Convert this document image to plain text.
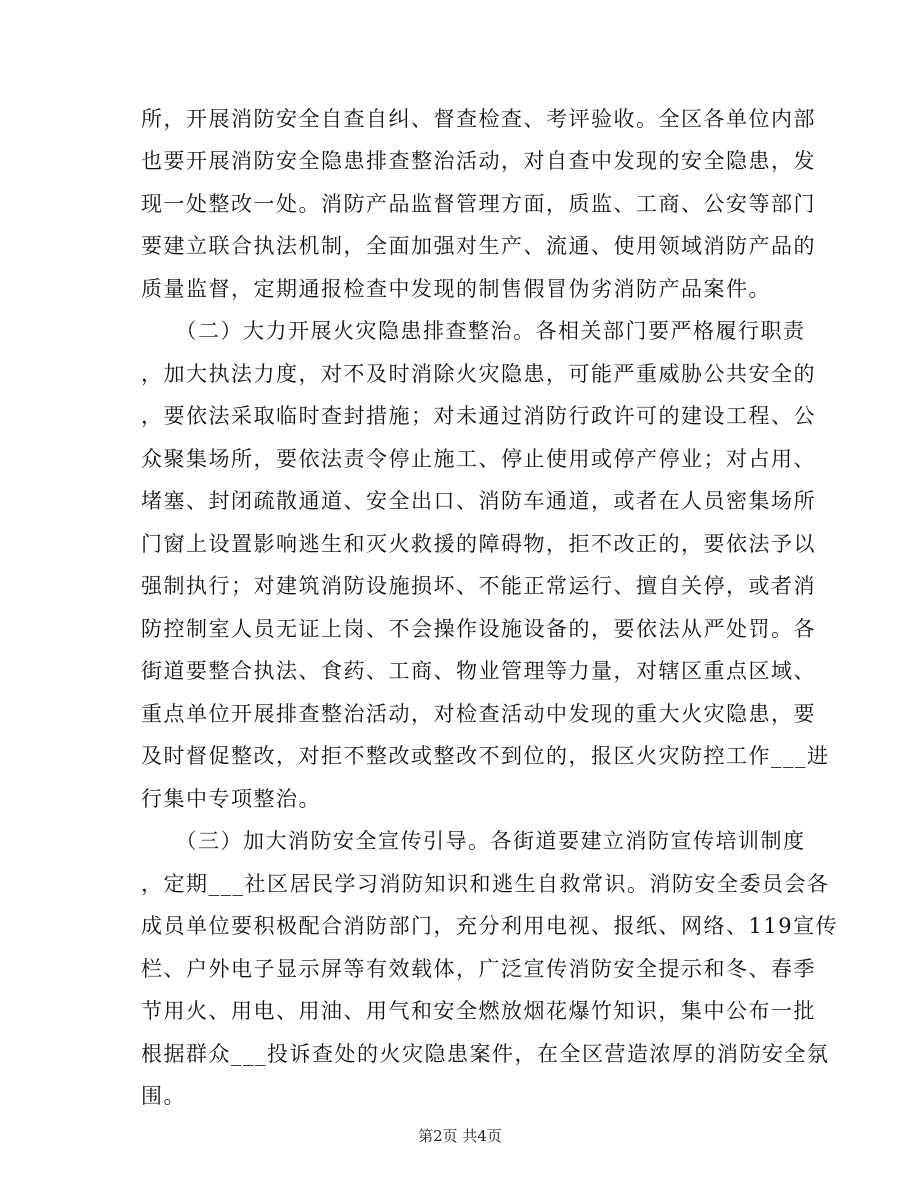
所，开展消防安全自查自纠、督查检查、考评验收。全区各单位内部
也要开展消防安全隐患排查整治活动，对自查中发现的安全隐患，发
现一处整改一处。消防产品监督管理方面，质监、工商、公安等部门
要建立联合执法机制，全面加强对生产、流通、使用领域消防产品的
质量监督，定期通报检查中发现的制售假冒伪劣消防产品案件。
　　（二）大力开展火灾隐患排查整治。各相关部门要严格履行职责
，加大执法力度，对不及时消除火灾隐患，可能严重威胁公共安全的
，要依法采取临时查封措施；对未通过消防行政许可的建设工程、公
众聚集场所，要依法责令停止施工、停止使用或停产停业；对占用、
堵塞、封闭疏散通道、安全出口、消防车通道，或者在人员密集场所
门窗上设置影响逃生和灭火救援的障碍物，拒不改正的，要依法予以
强制执行；对建筑消防设施损坏、不能正常运行、擅自关停，或者消
防控制室人员无证上岗、不会操作设施设备的，要依法从严处罚。各
街道要整合执法、食药、工商、物业管理等力量，对辖区重点区域、
重点单位开展排查整治活动，对检查活动中发现的重大火灾隐患，要
及时督促整改，对拒不整改或整改不到位的，报区火灾防控工作___进
行集中专项整治。
　　（三）加大消防安全宣传引导。各街道要建立消防宣传培训制度
，定期___社区居民学习消防知识和逃生自救常识。消防安全委员会各
成员单位要积极配合消防部门，充分利用电视、报纸、网络、119宣传
栏、户外电子显示屏等有效载体，广泛宣传消防安全提示和冬、春季
节用火、用电、用油、用气和安全燃放烟花爆竹知识，集中公布一批
根据群众___投诉查处的火灾隐患案件，在全区营造浓厚的消防安全氛
围。
第2页 共4页
